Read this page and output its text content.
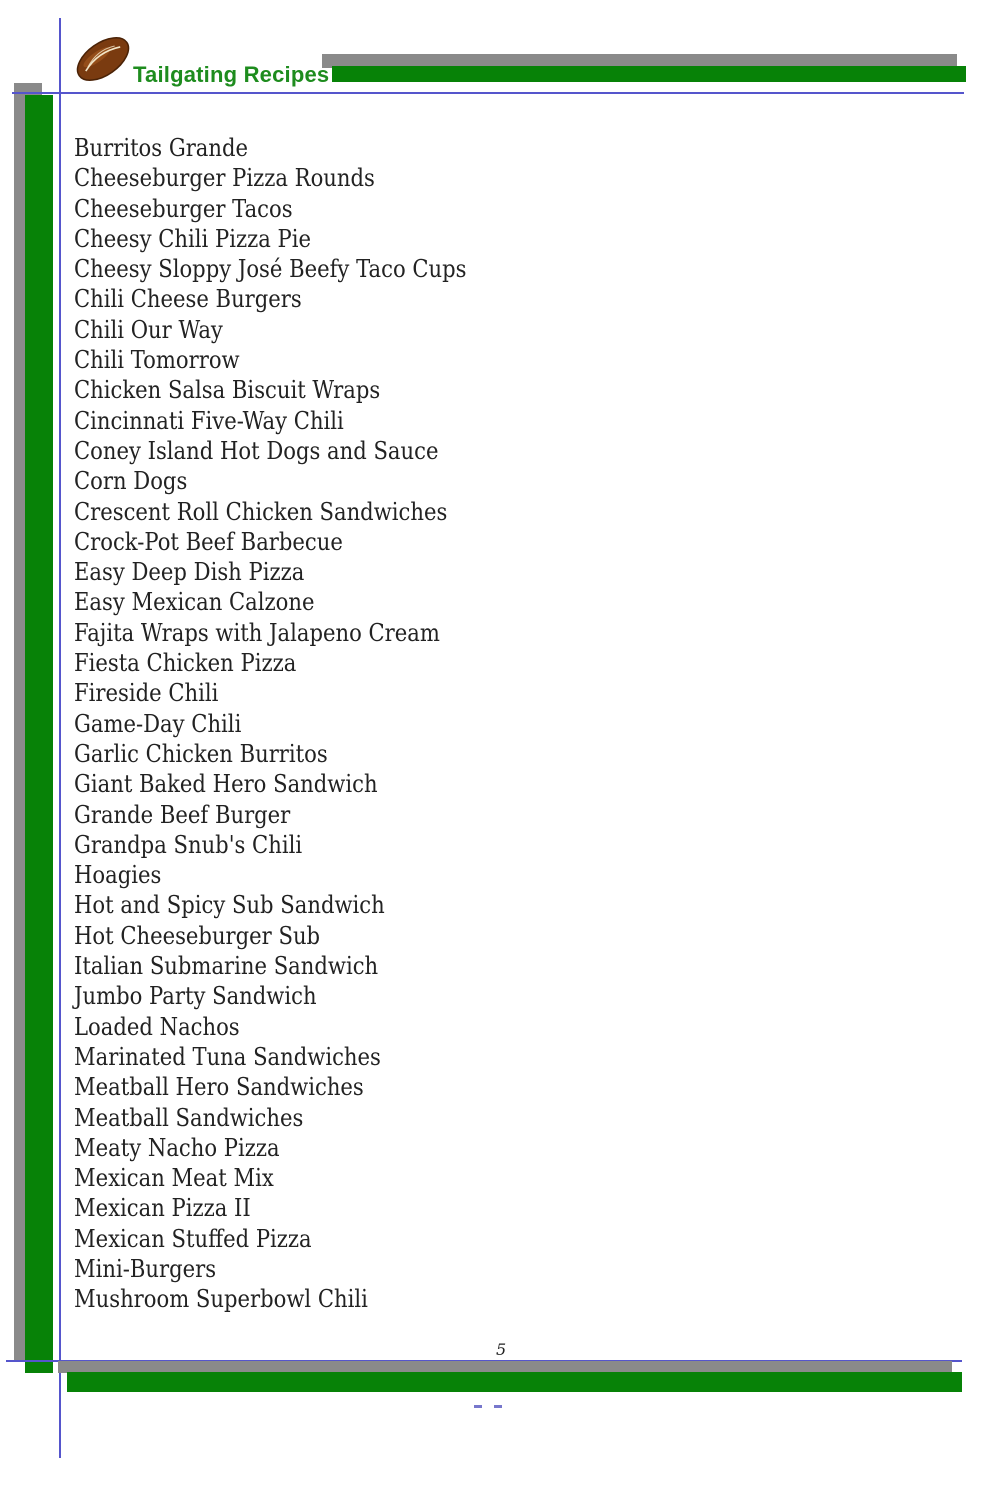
Tailgating Recipes
Burritos Grande
Cheeseburger Pizza Rounds
Cheeseburger Tacos
Cheesy Chili Pizza Pie
Cheesy Sloppy José Beefy Taco Cups
Chili Cheese Burgers
Chili Our Way
Chili Tomorrow
Chicken Salsa Biscuit Wraps
Cincinnati Five-Way Chili
Coney Island Hot Dogs and Sauce
Corn Dogs
Crescent Roll Chicken Sandwiches
Crock-Pot Beef Barbecue
Easy Deep Dish Pizza
Easy Mexican Calzone
Fajita Wraps with Jalapeno Cream
Fiesta Chicken Pizza
Fireside Chili
Game-Day Chili
Garlic Chicken Burritos
Giant Baked Hero Sandwich
Grande Beef Burger
Grandpa Snub's Chili
Hoagies
Hot and Spicy Sub Sandwich
Hot Cheeseburger Sub
Italian Submarine Sandwich
Jumbo Party Sandwich
Loaded Nachos
Marinated Tuna Sandwiches
Meatball Hero Sandwiches
Meatball Sandwiches
Meaty Nacho Pizza
Mexican Meat Mix
Mexican Pizza II
Mexican Stuffed Pizza
Mini-Burgers
Mushroom Superbowl Chili
5
